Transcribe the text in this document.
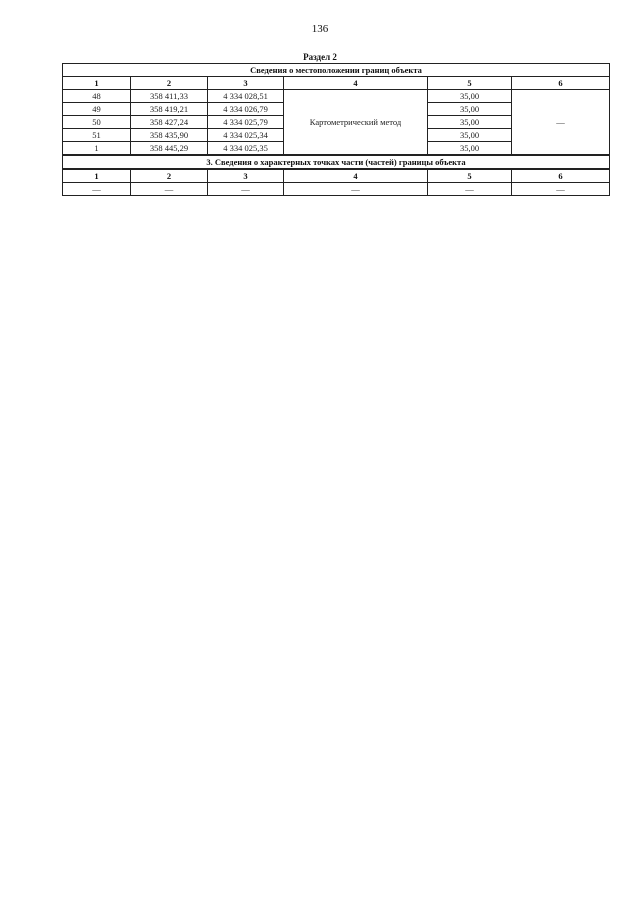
136
Раздел 2
Сведения о местоположении границ объекта					
1	2	3	4	5	6
48	358 411,33	4 334 028,51	Картометрический метод	35,00	—
49	358 419,21	4 334 026,79		35,00	
50	358 427,24	4 334 025,79		35,00	
51	358 435,90	4 334 025,34		35,00	
1	358 445,29	4 334 025,35		35,00	
3. Сведения о характерных точках части (частей) границы объекта					
1	2	3	4	5	6
—	—	—	—	—	—
